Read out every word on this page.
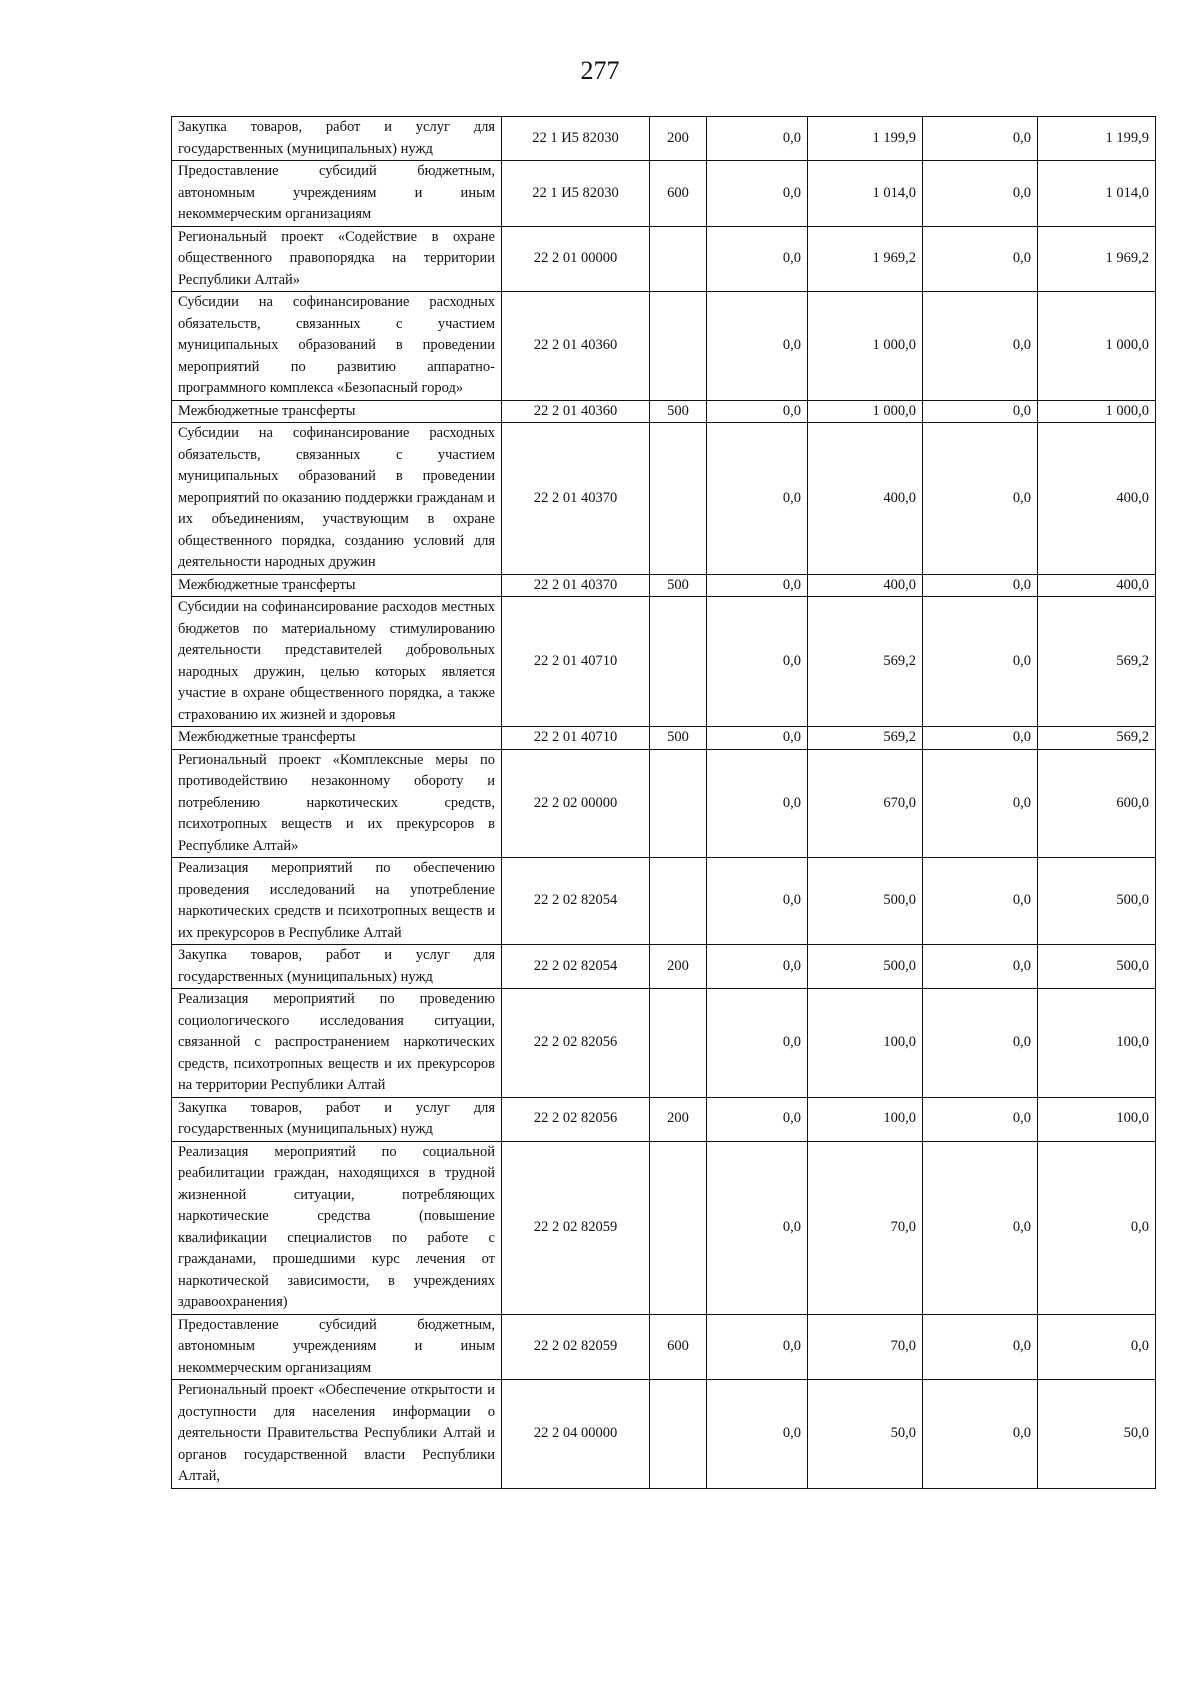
277
Закупка товаров, работ и услуг для государственных (муниципальных) нужд	22 1 И5 82030	200	0,0	1 199,9	0,0	1 199,9
Предоставление субсидий бюджетным, автономным учреждениям и иным некоммерческим организациям	22 1 И5 82030	600	0,0	1 014,0	0,0	1 014,0
Региональный проект «Содействие в охране общественного правопорядка на территории Республики Алтай»	22 2 01 00000		0,0	1 969,2	0,0	1 969,2
Субсидии на софинансирование расходных обязательств, связанных с участием муниципальных образований в проведении мероприятий по развитию аппаратно-программного комплекса «Безопасный город»	22 2 01 40360		0,0	1 000,0	0,0	1 000,0
Межбюджетные трансферты	22 2 01 40360	500	0,0	1 000,0	0,0	1 000,0
Субсидии на софинансирование расходных обязательств, связанных с участием муниципальных образований в проведении мероприятий по оказанию поддержки гражданам и их объединениям, участвующим в охране общественного порядка, созданию условий для деятельности народных дружин	22 2 01 40370		0,0	400,0	0,0	400,0
Межбюджетные трансферты	22 2 01 40370	500	0,0	400,0	0,0	400,0
Субсидии на софинансирование расходов местных бюджетов по материальному стимулированию деятельности представителей добровольных народных дружин, целью которых является участие в охране общественного порядка, а также страхованию их жизней и здоровья	22 2 01 40710		0,0	569,2	0,0	569,2
Межбюджетные трансферты	22 2 01 40710	500	0,0	569,2	0,0	569,2
Региональный проект «Комплексные меры по противодействию незаконному обороту и потреблению наркотических средств, психотропных веществ и их прекурсоров в Республике Алтай»	22 2 02 00000		0,0	670,0	0,0	600,0
Реализация мероприятий по обеспечению проведения исследований на употребление наркотических средств и психотропных веществ и их прекурсоров в Республике Алтай	22 2 02 82054		0,0	500,0	0,0	500,0
Закупка товаров, работ и услуг для государственных (муниципальных) нужд	22 2 02 82054	200	0,0	500,0	0,0	500,0
Реализация мероприятий по проведению социологического исследования ситуации, связанной с распространением наркотических средств, психотропных веществ и их прекурсоров на территории Республики Алтай	22 2 02 82056		0,0	100,0	0,0	100,0
Закупка товаров, работ и услуг для государственных (муниципальных) нужд	22 2 02 82056	200	0,0	100,0	0,0	100,0
Реализация мероприятий по социальной реабилитации граждан, находящихся в трудной жизненной ситуации, потребляющих наркотические средства (повышение квалификации специалистов по работе с гражданами, прошедшими курс лечения от наркотической зависимости, в учреждениях здравоохранения)	22 2 02 82059		0,0	70,0	0,0	0,0
Предоставление субсидий бюджетным, автономным учреждениям и иным некоммерческим организациям	22 2 02 82059	600	0,0	70,0	0,0	0,0
Региональный проект «Обеспечение открытости и доступности для населения информации о деятельности Правительства Республики Алтай и органов государственной власти Республики Алтай,	22 2 04 00000		0,0	50,0	0,0	50,0
